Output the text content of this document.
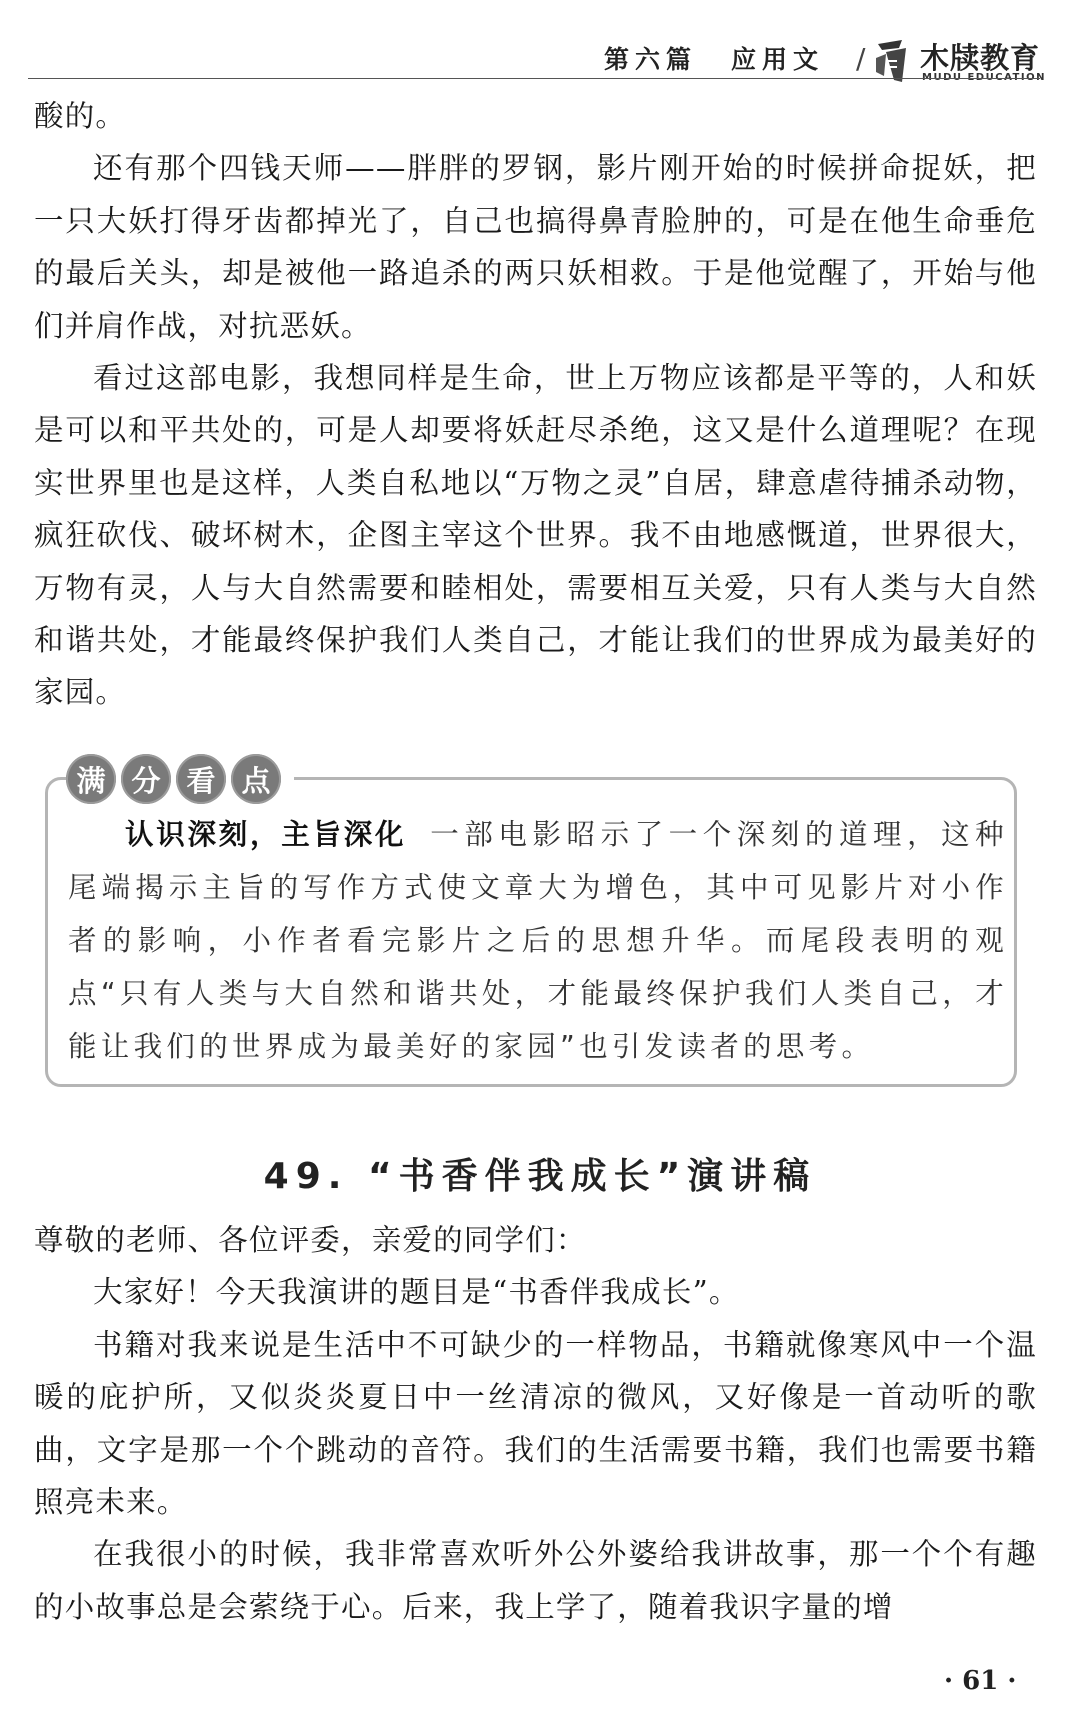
第六篇 应用文 / 木牍教育
MUDU EDUCATION

酸的。

还有那个四钱天师——胖胖的罗钢，影片刚开始的时候拼命捉妖，把一只大妖打得牙齿都掉光了，自己也搞得鼻青脸肿的，可是在他生命垂危的最后关头，却是被他一路追杀的两只妖相救。于是他觉醒了，开始与他们并肩作战，对抗恶妖。

看过这部电影，我想同样是生命，世上万物应该都是平等的，人和妖是可以和平共处的，可是人却要将妖赶尽杀绝，这又是什么道理呢？在现实世界里也是这样，人类自私地以“万物之灵”自居，肆意虐待捕杀动物，疯狂砍伐、破坏树木，企图主宰这个世界。我不由地感慨道，世界很大，万物有灵，人与大自然需要和睦相处，需要相互关爱，只有人类与大自然和谐共处，才能最终保护我们人类自己，才能让我们的世界成为最美好的家园。

满 分 看 点

认识深刻，主旨深化 一部电影昭示了一个深刻的道理，这种尾端揭示主旨的写作方式使文章大为增色，其中可见影片对小作者的影响，小作者看完影片之后的思想升华。而尾段表明的观点“只有人类与大自然和谐共处，才能最终保护我们人类自己，才能让我们的世界成为最美好的家园”也引发读者的思考。

49. “书香伴我成长”演讲稿

尊敬的老师、各位评委，亲爱的同学们：

大家好！今天我演讲的题目是“书香伴我成长”。

书籍对我来说是生活中不可缺少的一样物品，书籍就像寒风中一个温暖的庇护所，又似炎炎夏日中一丝清凉的微风，又好像是一首动听的歌曲，文字是那一个个跳动的音符。我们的生活需要书籍，我们也需要书籍照亮未来。

在我很小的时候，我非常喜欢听外公外婆给我讲故事，那一个个有趣的小故事总是会萦绕于心。后来，我上学了，随着我识字量的增

· 61 ·
